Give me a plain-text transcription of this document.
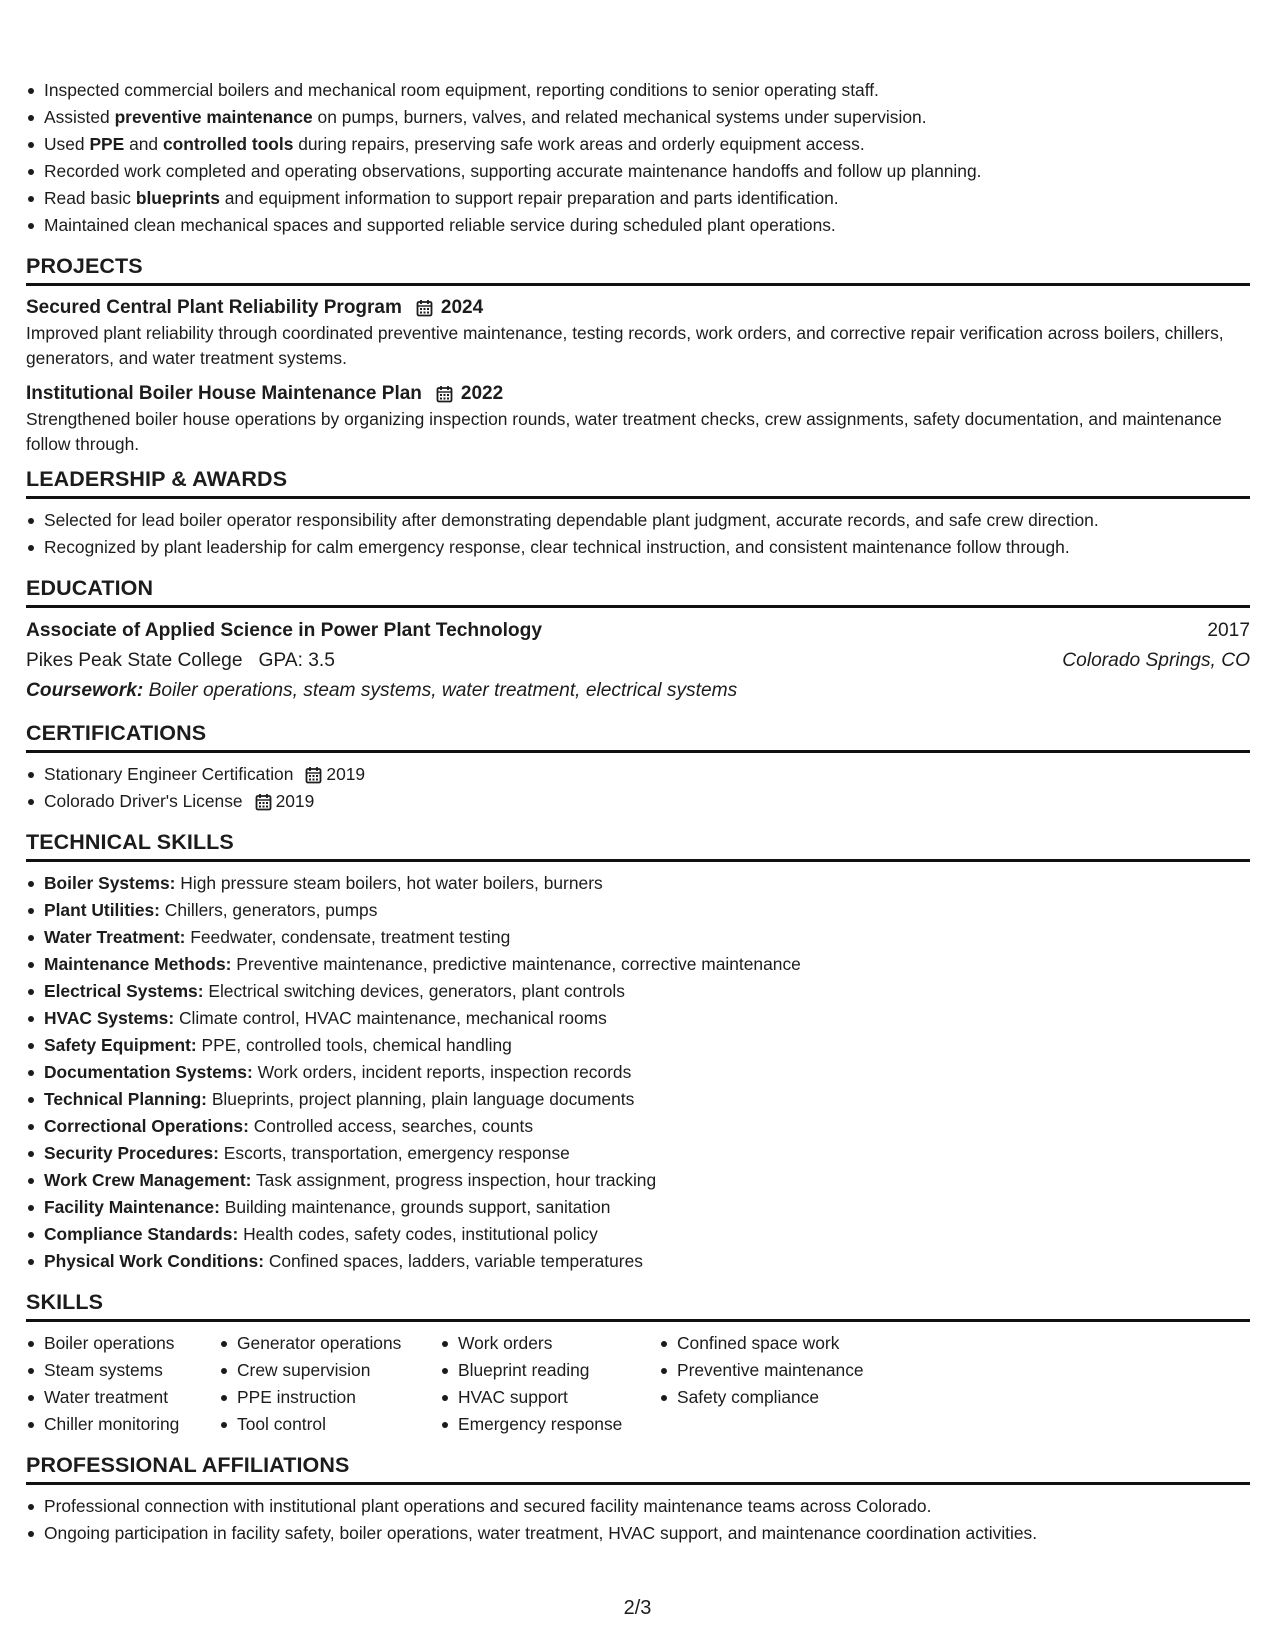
Inspected commercial boilers and mechanical room equipment, reporting conditions to senior operating staff.
Assisted preventive maintenance on pumps, burners, valves, and related mechanical systems under supervision.
Used PPE and controlled tools during repairs, preserving safe work areas and orderly equipment access.
Recorded work completed and operating observations, supporting accurate maintenance handoffs and follow up planning.
Read basic blueprints and equipment information to support repair preparation and parts identification.
Maintained clean mechanical spaces and supported reliable service during scheduled plant operations.
PROJECTS
Secured Central Plant Reliability Program 2024
Improved plant reliability through coordinated preventive maintenance, testing records, work orders, and corrective repair verification across boilers, chillers, generators, and water treatment systems.
Institutional Boiler House Maintenance Plan 2022
Strengthened boiler house operations by organizing inspection rounds, water treatment checks, crew assignments, safety documentation, and maintenance follow through.
LEADERSHIP & AWARDS
Selected for lead boiler operator responsibility after demonstrating dependable plant judgment, accurate records, and safe crew direction.
Recognized by plant leadership for calm emergency response, clear technical instruction, and consistent maintenance follow through.
EDUCATION
Associate of Applied Science in Power Plant Technology	2017
Pikes Peak State College   GPA: 3.5	Colorado Springs, CO
Coursework: Boiler operations, steam systems, water treatment, electrical systems
CERTIFICATIONS
Stationary Engineer Certification 2019
Colorado Driver's License 2019
TECHNICAL SKILLS
Boiler Systems: High pressure steam boilers, hot water boilers, burners
Plant Utilities: Chillers, generators, pumps
Water Treatment: Feedwater, condensate, treatment testing
Maintenance Methods: Preventive maintenance, predictive maintenance, corrective maintenance
Electrical Systems: Electrical switching devices, generators, plant controls
HVAC Systems: Climate control, HVAC maintenance, mechanical rooms
Safety Equipment: PPE, controlled tools, chemical handling
Documentation Systems: Work orders, incident reports, inspection records
Technical Planning: Blueprints, project planning, plain language documents
Correctional Operations: Controlled access, searches, counts
Security Procedures: Escorts, transportation, emergency response
Work Crew Management: Task assignment, progress inspection, hour tracking
Facility Maintenance: Building maintenance, grounds support, sanitation
Compliance Standards: Health codes, safety codes, institutional policy
Physical Work Conditions: Confined spaces, ladders, variable temperatures
SKILLS
Boiler operations
Steam systems
Water treatment
Chiller monitoring
Generator operations
Crew supervision
PPE instruction
Tool control
Work orders
Blueprint reading
HVAC support
Emergency response
Confined space work
Preventive maintenance
Safety compliance
PROFESSIONAL AFFILIATIONS
Professional connection with institutional plant operations and secured facility maintenance teams across Colorado.
Ongoing participation in facility safety, boiler operations, water treatment, HVAC support, and maintenance coordination activities.
2/3
